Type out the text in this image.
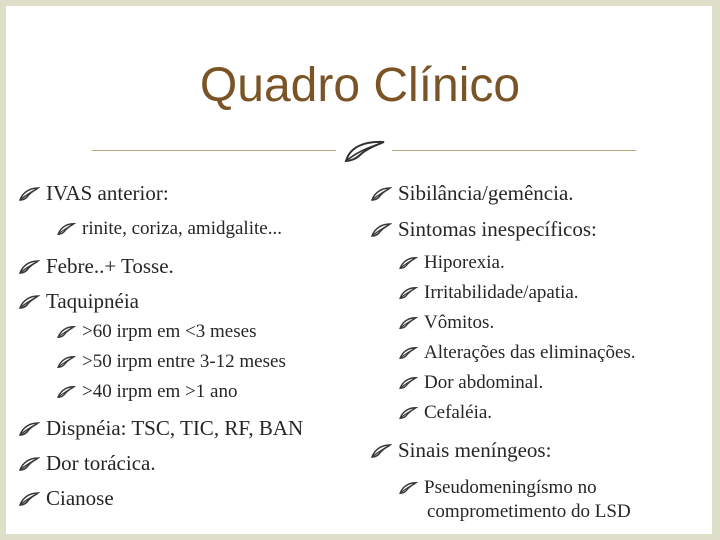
Quadro Clínico
IVAS anterior:
rinite, coriza, amidgalite...
Febre..+ Tosse.
Taquipnéia
>60 irpm em <3 meses
>50 irpm entre 3-12 meses
>40 irpm em >1 ano
Dispnéia: TSC, TIC, RF, BAN
Dor torácica.
Cianose
Sibilância/gemência.
Sintomas inespecíficos:
Hiporexia.
Irritabilidade/apatia.
Vômitos.
Alterações das eliminações.
Dor abdominal.
Cefaléia.
Sinais meníngeos:
Pseudomeningísmo no
comprometimento do LSD
